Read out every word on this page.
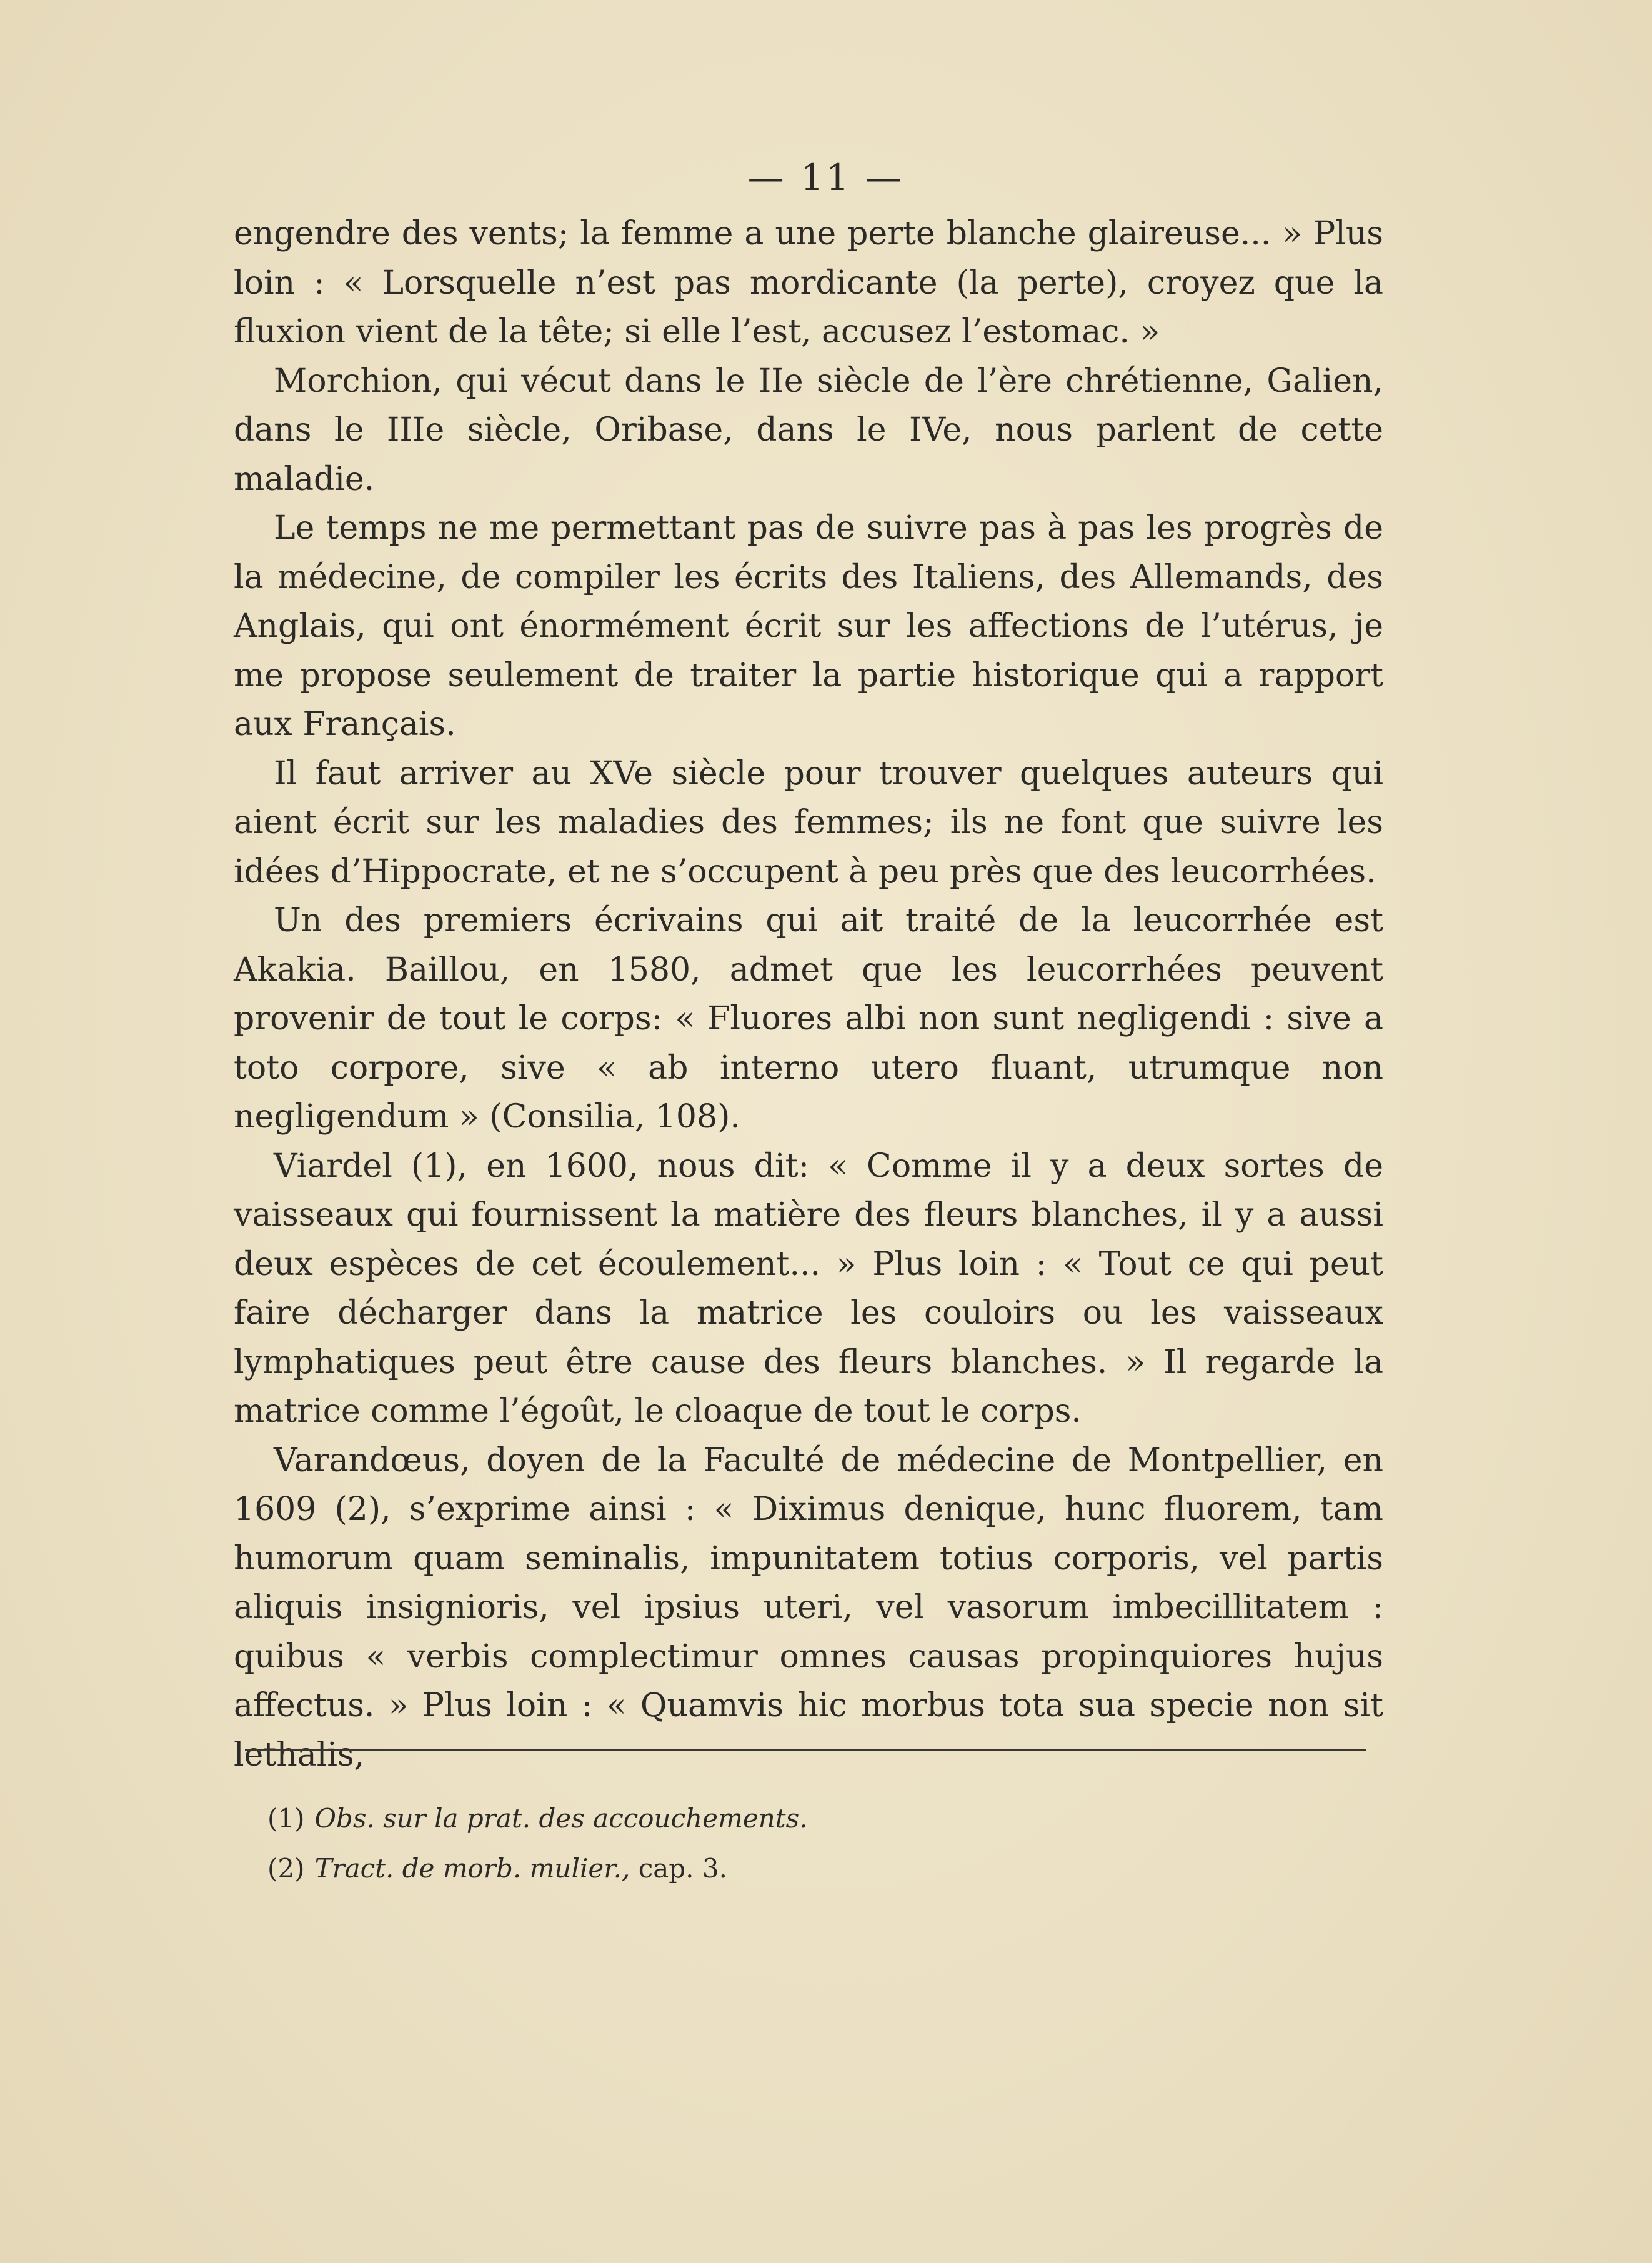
— 11 —

engendre des vents; la femme a une perte blanche glaireuse... » Plus loin : « Lorsquelle n’est pas mordicante (la perte), croyez que la fluxion vient de la tête; si elle l’est, accusez l’estomac. »

Morchion, qui vécut dans le IIe siècle de l’ère chrétienne, Galien, dans le IIIe siècle, Oribase, dans le IVe, nous parlent de cette maladie.

Le temps ne me permettant pas de suivre pas à pas les progrès de la médecine, de compiler les écrits des Italiens, des Allemands, des Anglais, qui ont énormément écrit sur les affections de l’utérus, je me propose seulement de traiter la partie historique qui a rapport aux Français.

Il faut arriver au XVe siècle pour trouver quelques auteurs qui aient écrit sur les maladies des femmes; ils ne font que suivre les idées d’Hippocrate, et ne s’occupent à peu près que des leucorrhées.

Un des premiers écrivains qui ait traité de la leucorrhée est Akakia. Baillou, en 1580, admet que les leucorrhées peuvent provenir de tout le corps: « Fluores albi non sunt negligendi : sive a toto corpore, sive « ab interno utero fluant, utrumque non negligendum » (Consilia, 108).

Viardel (1), en 1600, nous dit: « Comme il y a deux sortes de vaisseaux qui fournissent la matière des fleurs blanches, il y a aussi deux espèces de cet écoulement... » Plus loin : « Tout ce qui peut faire décharger dans la matrice les couloirs ou les vaisseaux lymphatiques peut être cause des fleurs blanches. » Il regarde la matrice comme l’égoût, le cloaque de tout le corps.

Varandœus, doyen de la Faculté de médecine de Montpellier, en 1609 (2), s’exprime ainsi : « Diximus denique, hunc fluorem, tam humorum quam seminalis, impunitatem totius corporis, vel partis aliquis insignioris, vel ipsius uteri, vel vasorum imbecillitatem : quibus « verbis complectimur omnes causas propinquiores hujus affectus. » Plus loin : « Quamvis hic morbus tota sua specie non sit lethalis,

(1) Obs. sur la prat. des accouchements.
(2) Tract. de morb. mulier., cap. 3.
